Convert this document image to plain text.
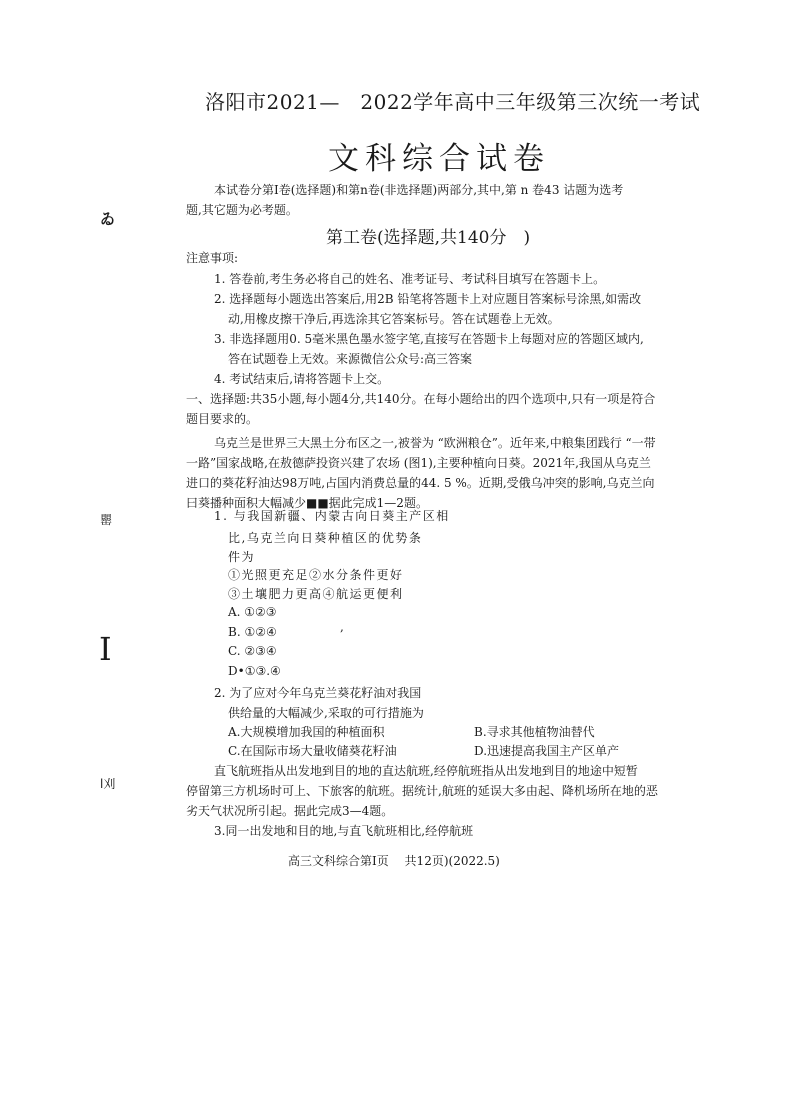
洛阳市2021—　2022学年高中三年级第三次统一考试
文科综合试卷
本试卷分第Ⅰ卷(选择题)和第n卷(非选择题)两部分,其中,第 n 卷43 诂题为选考
题,其它题为必考题。
第工卷(选择题,共140分　)
注意事项:
1. 答卷前,考生务必将自己的姓名、准考证号、考试科目填写在答题卡上。
2. 选择题每小题选出答案后,用2B 铅笔将答题卡上对应题目答案标号涂黑,如需改
动,用橡皮擦干净后,再选涂其它答案标号。答在试题卷上无效。
3. 非选择题用0. 5毫米黑色墨水签字笔,直接写在答题卡上每题对应的答题区域内,
答在试题卷上无效。来源微信公众号:高三答案
4. 考试结束后,请将答题卡上交。
一、选择题:共35小题,每小题4分,共140分。在每小题给出的四个选项中,只有一项是符合
题目要求的。
乌克兰是世界三大黑土分布区之一,被誉为 “欧洲粮仓”。近年来,中粮集团践行 “一带
一路”国家战略,在敖德萨投资兴建了农场 (图1),主要种植向日葵。2021年,我国从乌克兰
进口的葵花籽油达98万吨,占国内消费总量的44. 5 %。近期,受俄乌冲突的影响,乌克兰向
曰葵播种面积大幅减少■■据此完成1—2题。
1. 与我国新疆、内蒙古向日葵主产区相
比,乌克兰向日葵种植区的优势条
件为
①光照更充足②水分条件更好
③土壤肥力更高④航运更便利
A. ①②③
B. ①②④	,
C. ②③④
D•①③.④
2. 为了应对今年乌克兰葵花籽油对我国
供给量的大幅减少,采取的可行措施为
A.大规模增加我国的种植面积	B.寻求其他植物油替代
C.在国际市场大量收储葵花籽油	D.迅速提高我国主产区单产
直飞航班指从出发地到目的地的直达航班,经停航班指从出发地到目的地途中短暂
停留第三方机场时可上、下旅客的航班。据统计,航班的延误大多由起、降机场所在地的恶
劣天气状况所引起。据此完成3—4题。
3.同一出发地和目的地,与直飞航班相比,经停航班
ゐ
罌
I
l刈
高三文科综合第Ⅰ页　 共12页)(2022.5)
